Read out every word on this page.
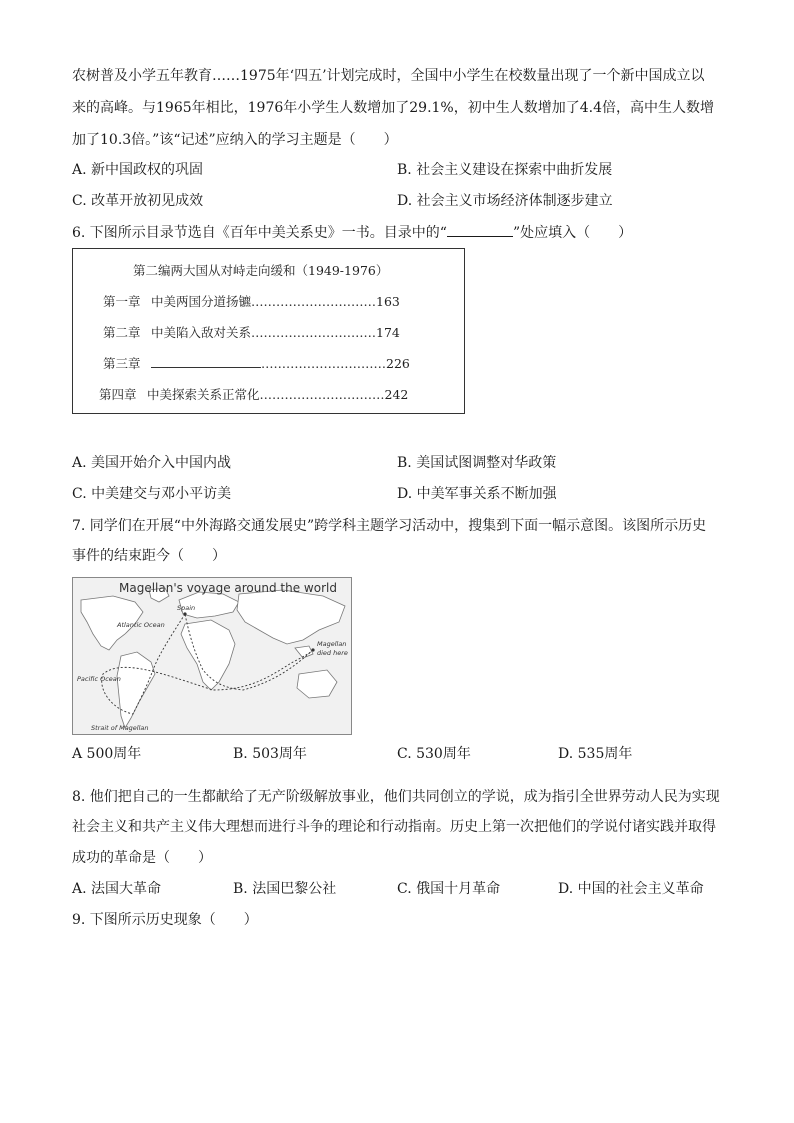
农树普及小学五年教育……1975年‘四五’计划完成时，全国中小学生在校数量出现了一个新中国成立以
来的高峰。与1965年相比，1976年小学生人数增加了29.1%，初中生人数增加了4.4倍，高中生人数增
加了10.3倍。”该“记述”应纳入的学习主题是（　　）
A. 新中国政权的巩固	B. 社会主义建设在探索中曲折发展
C. 改革开放初见成效	D. 社会主义市场经济体制逐步建立
6. 下图所示目录节选自《百年中美关系史》一书。目录中的“	”处应填入（　　）
第二编两大国从对峙走向缓和（1949-1976）
第一章 中美两国分道扬镳…………………………163
第二章 中美陷入敌对关系…………………………174
第三章	…………………………226
第四章 中美探索关系正常化…………………………242
A. 美国开始介入中国内战	B. 美国试图调整对华政策
C. 中美建交与邓小平访美	D. 中美军事关系不断加强
7. 同学们在开展“中外海路交通发展史”跨学科主题学习活动中，搜集到下面一幅示意图。该图所示历史
事件的结束距今（　　）
Magellan's voyage around the world
Spain
Atlantic Ocean
Pacific Ocean
Magellan
died here
Strait of Magellan
A 500周年	B. 503周年	C. 530周年	D. 535周年
8. 他们把自己的一生都献给了无产阶级解放事业，他们共同创立的学说，成为指引全世界劳动人民为实现
社会主义和共产主义伟大理想而进行斗争的理论和行动指南。历史上第一次把他们的学说付诸实践并取得
成功的革命是（　　）
A. 法国大革命	B. 法国巴黎公社	C. 俄国十月革命	D. 中国的社会主义革命
9. 下图所示历史现象（　　）
